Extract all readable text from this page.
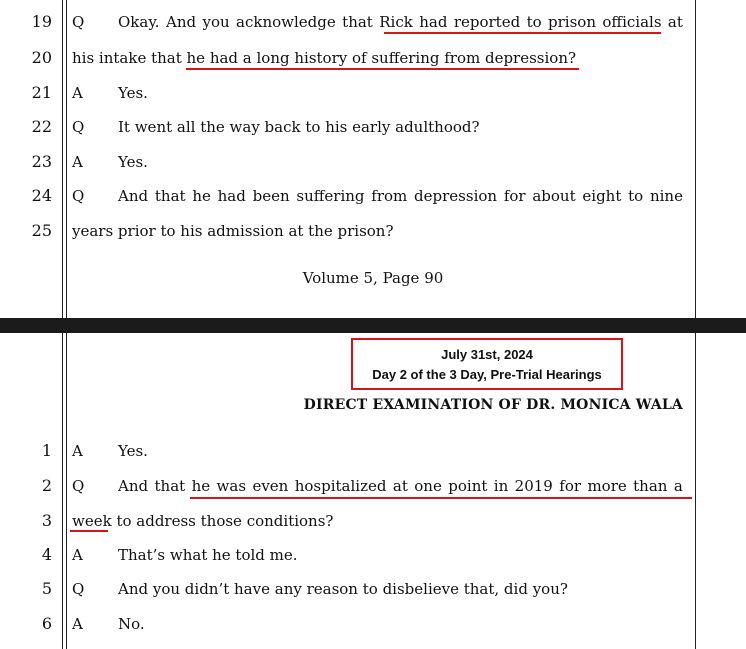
19 Q Okay. And you acknowledge that Rick had reported to prison officials at
20 his intake that he had a long history of suffering from depression?
21 A Yes.
22 Q It went all the way back to his early adulthood?
23 A Yes.
24 Q And that he had been suffering from depression for about eight to nine
25 years prior to his admission at the prison?
Volume 5, Page 90
July 31st, 2024
Day 2 of the 3 Day, Pre-Trial Hearings
DIRECT EXAMINATION OF DR. MONICA WALA
1 A Yes.
2 Q And that he was even hospitalized at one point in 2019 for more than a
3 week to address those conditions?
4 A That’s what he told me.
5 Q And you didn’t have any reason to disbelieve that, did you?
6 A No.
